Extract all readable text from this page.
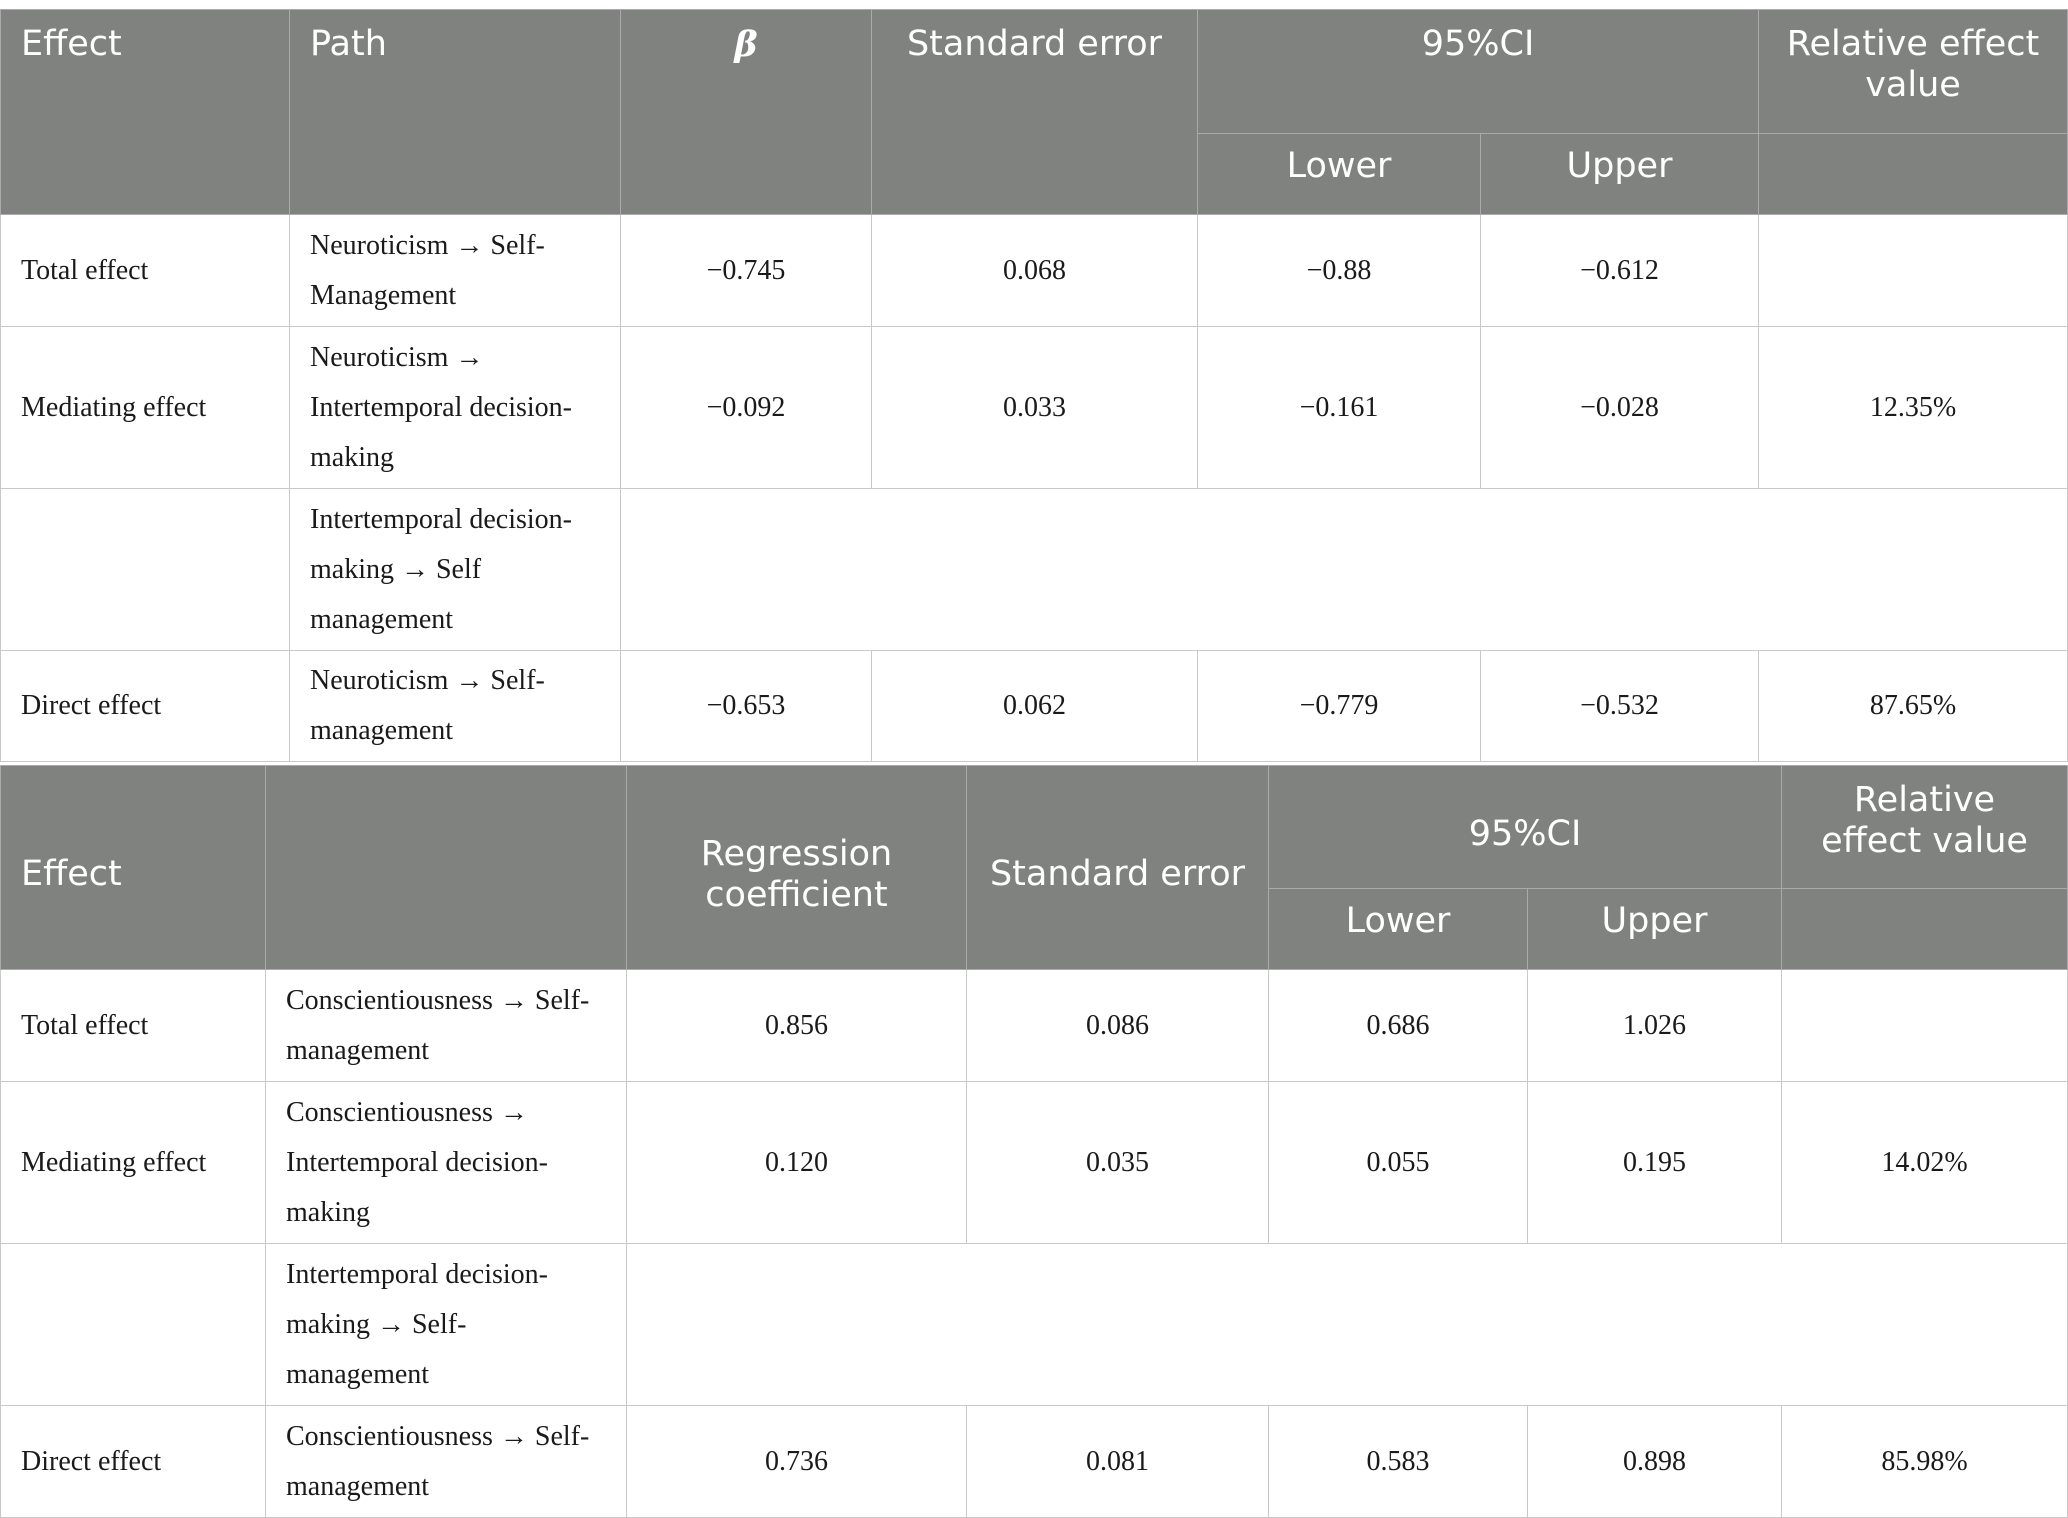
Effect	Path	β	Standard error	95%CI		Relative effect value
				Lower	Upper	
Total effect	Neuroticism → Self-Management	−0.745	0.068	−0.88	−0.612	
Mediating effect	Neuroticism → Intertemporal decision-making	−0.092	0.033	−0.161	−0.028	12.35%
	Intertemporal decision-making → Self management					
Direct effect	Neuroticism → Self-management	−0.653	0.062	−0.779	−0.532	87.65%
Effect		Regression coefficient	Standard error	95%CI		Relative effect value
				Lower	Upper	
Total effect	Conscientiousness → Self-management	0.856	0.086	0.686	1.026	
Mediating effect	Conscientiousness → Intertemporal decision-making	0.120	0.035	0.055	0.195	14.02%
	Intertemporal decision-making → Self-management					
Direct effect	Conscientiousness → Self-management	0.736	0.081	0.583	0.898	85.98%
